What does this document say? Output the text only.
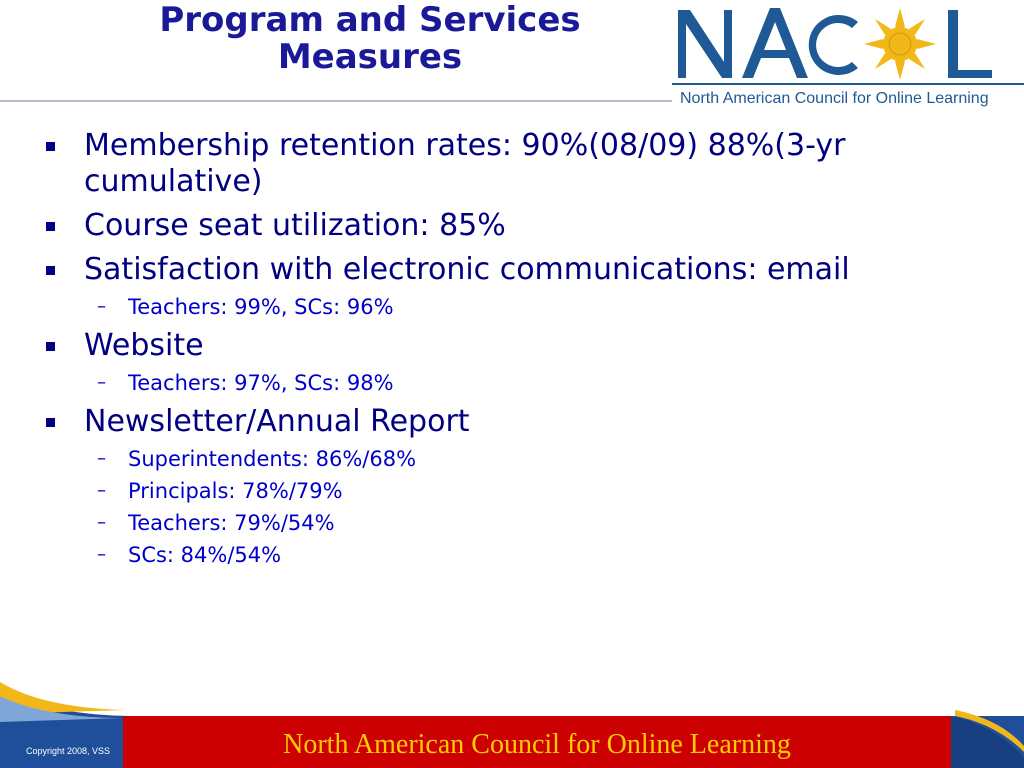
Program and Services
Measures
North American Council for Online Learning
Membership retention rates: 90%(08/09) 88%(3-yr cumulative)
Course seat utilization: 85%
Satisfaction with electronic communications: email
– Teachers: 99%, SCs: 96%
Website
– Teachers: 97%, SCs: 98%
Newsletter/Annual Report
– Superintendents: 86%/68%
– Principals: 78%/79%
– Teachers: 79%/54%
– SCs: 84%/54%
North American Council for Online Learning
Copyright 2008, VSS
